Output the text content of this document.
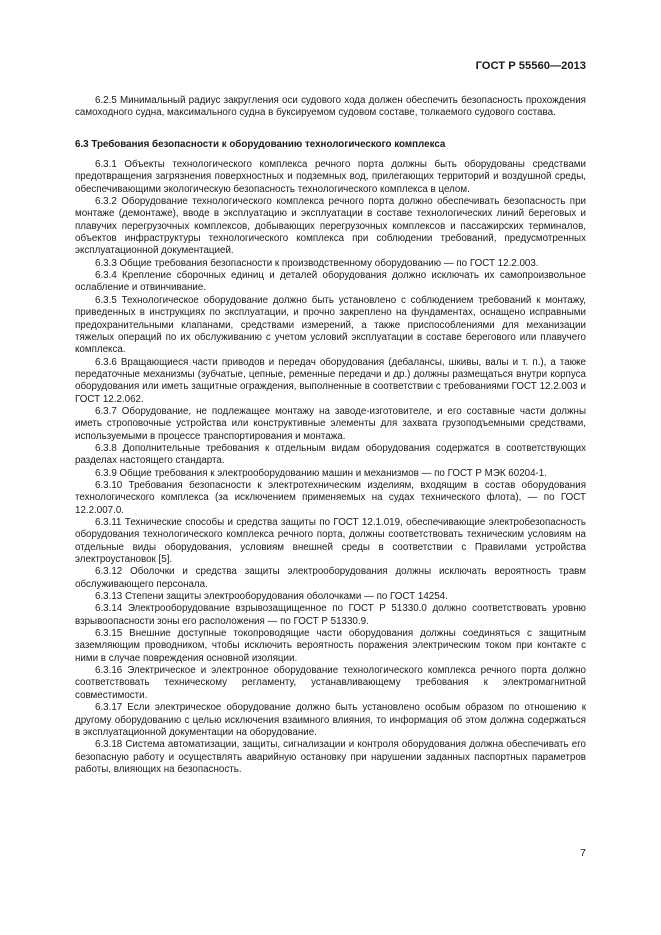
ГОСТ Р 55560—2013

6.2.5 Минимальный радиус закругления оси судового хода должен обеспечить безопасность прохождения самоходного судна, максимального судна в буксируемом судовом составе, толкаемого судового состава.

6.3 Требования безопасности к оборудованию технологического комплекса

6.3.1 Объекты технологического комплекса речного порта должны быть оборудованы средствами предотвращения загрязнения поверхностных и подземных вод, прилегающих территорий и воздушной среды, обеспечивающими экологическую безопасность технологического комплекса в целом.

6.3.2 Оборудование технологического комплекса речного порта должно обеспечивать безопасность при монтаже (демонтаже), вводе в эксплуатацию и эксплуатации в составе технологических линий береговых и плавучих перегрузочных комплексов, добывающих перегрузочных комплексов и пассажирских терминалов, объектов инфраструктуры технологического комплекса при соблюдении требований, предусмотренных эксплуатационной документацией.

6.3.3 Общие требования безопасности к производственному оборудованию — по ГОСТ 12.2.003.

6.3.4 Крепление сборочных единиц и деталей оборудования должно исключать их самопроизвольное ослабление и отвинчивание.

6.3.5 Технологическое оборудование должно быть установлено с соблюдением требований к монтажу, приведенных в инструкциях по эксплуатации, и прочно закреплено на фундаментах, оснащено исправными предохранительными клапанами, средствами измерений, а также приспособлениями для механизации тяжелых операций по их обслуживанию с учетом условий эксплуатации в составе берегового или плавучего комплекса.

6.3.6 Вращающиеся части приводов и передач оборудования (дебалансы, шкивы, валы и т. п.), а также передаточные механизмы (зубчатые, цепные, ременные передачи и др.) должны размещаться внутри корпуса оборудования или иметь защитные ограждения, выполненные в соответствии с требованиями ГОСТ 12.2.003 и ГОСТ 12.2.062.

6.3.7 Оборудование, не подлежащее монтажу на заводе-изготовителе, и его составные части должны иметь строповочные устройства или конструктивные элементы для захвата грузоподъемными средствами, используемыми в процессе транспортирования и монтажа.

6.3.8 Дополнительные требования к отдельным видам оборудования содержатся в соответствующих разделах настоящего стандарта.

6.3.9 Общие требования к электрооборудованию машин и механизмов — по ГОСТ Р МЭК 60204-1.

6.3.10 Требования безопасности к электротехническим изделиям, входящим в состав оборудования технологического комплекса (за исключением применяемых на судах технического флота), — по ГОСТ 12.2.007.0.

6.3.11 Технические способы и средства защиты по ГОСТ 12.1.019, обеспечивающие электробезопасность оборудования технологического комплекса речного порта, должны соответствовать техническим условиям на отдельные виды оборудования, условиям внешней среды в соответствии с Правилами устройства электроустановок [5].

6.3.12 Оболочки и средства защиты электрооборудования должны исключать вероятность травм обслуживающего персонала.

6.3.13 Степени защиты электрооборудования оболочками — по ГОСТ 14254.

6.3.14 Электрооборудование взрывозащищенное по ГОСТ Р 51330.0 должно соответствовать уровню взрывоопасности зоны его расположения — по ГОСТ Р 51330.9.

6.3.15 Внешние доступные токопроводящие части оборудования должны соединяться с защитным заземляющим проводником, чтобы исключить вероятность поражения электрическим током при контакте с ними в случае повреждения основной изоляции.

6.3.16 Электрическое и электронное оборудование технологического комплекса речного порта должно соответствовать техническому регламенту, устанавливающему требования к электромагнитной совместимости.

6.3.17 Если электрическое оборудование должно быть установлено особым образом по отношению к другому оборудованию с целью исключения взаимного влияния, то информация об этом должна содержаться в эксплуатационной документации на оборудование.

6.3.18 Система автоматизации, защиты, сигнализации и контроля оборудования должна обеспечивать его безопасную работу и осуществлять аварийную остановку при нарушении заданных паспортных параметров работы, влияющих на безопасность.

7
